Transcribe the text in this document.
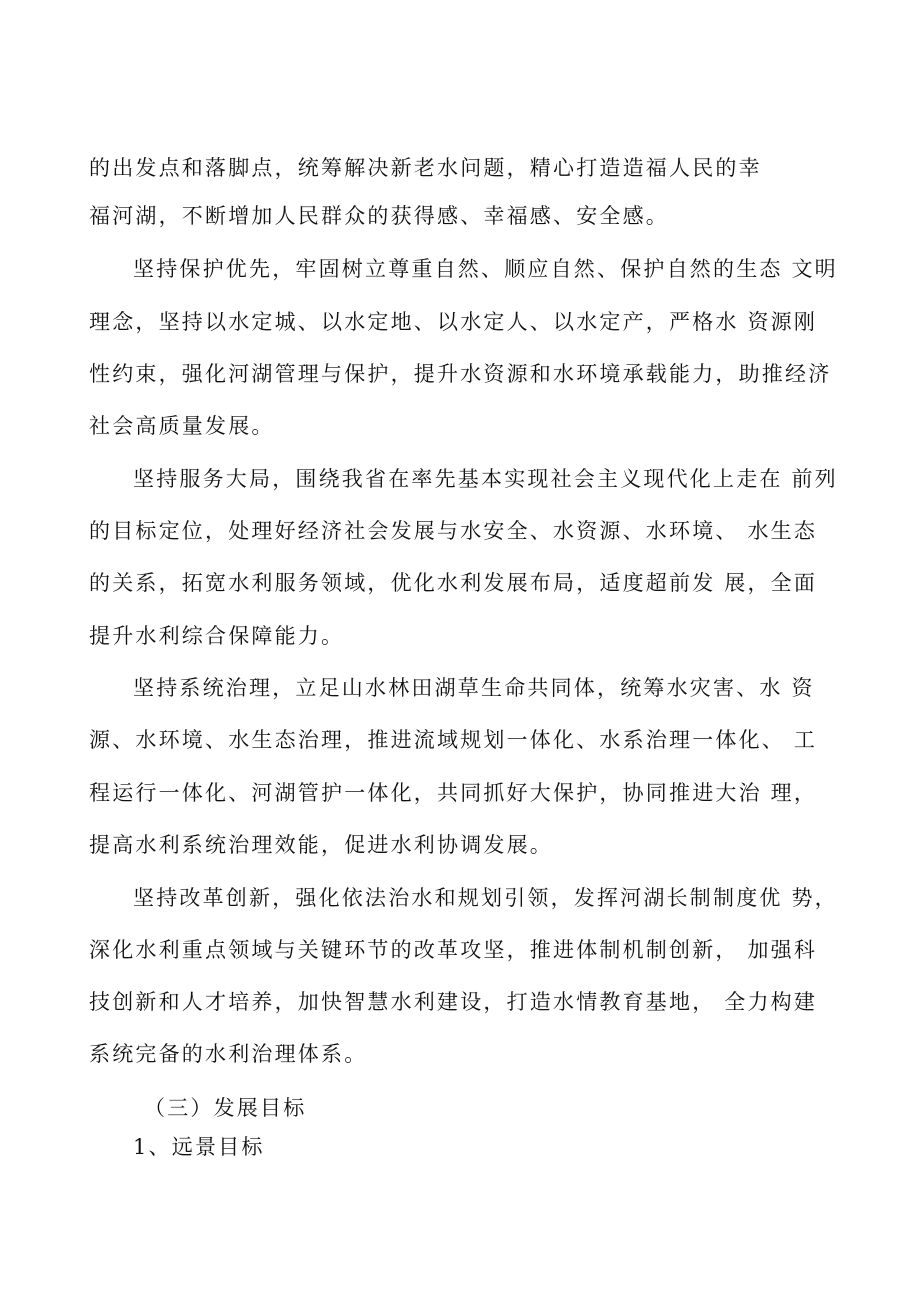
的出发点和落脚点，统筹解决新老水问题，精心打造造福人民的幸
福河湖，不断增加人民群众的获得感、幸福感、安全感。
坚持保护优先，牢固树立尊重自然、顺应自然、保护自然的生态 文明
理念，坚持以水定城、以水定地、以水定人、以水定产，严格水 资源刚
性约束，强化河湖管理与保护，提升水资源和水环境承载能力，助推经济
社会高质量发展。
坚持服务大局，围绕我省在率先基本实现社会主义现代化上走在 前列
的目标定位，处理好经济社会发展与水安全、水资源、水环境、 水生态
的关系，拓宽水利服务领域，优化水利发展布局，适度超前发 展，全面
提升水利综合保障能力。
坚持系统治理，立足山水林田湖草生命共同体，统筹水灾害、水 资
源、水环境、水生态治理，推进流域规划一体化、水系治理一体化、 工
程运行一体化、河湖管护一体化，共同抓好大保护，协同推进大治 理，
提高水利系统治理效能，促进水利协调发展。
坚持改革创新，强化依法治水和规划引领，发挥河湖长制制度优 势，
深化水利重点领域与关键环节的改革攻坚，推进体制机制创新， 加强科
技创新和人才培养，加快智慧水利建设，打造水情教育基地， 全力构建
系统完备的水利治理体系。
（三）发展目标
1、远景目标
